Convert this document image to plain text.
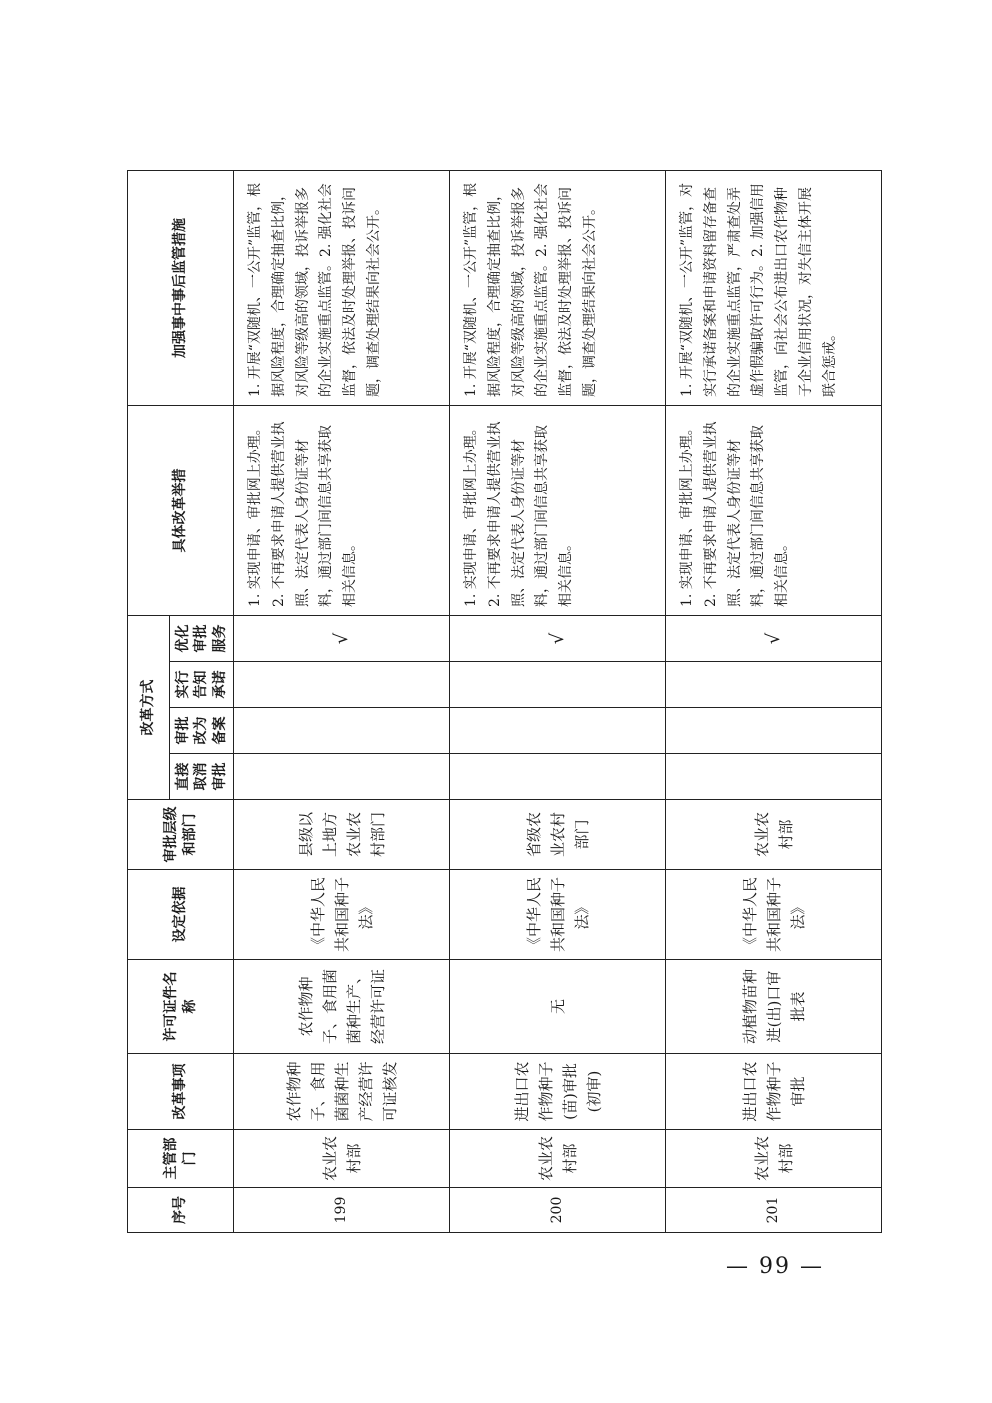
序号	主管部门	改革事项	许可证件名称	设定依据	审批层级和部门	改革方式				具体改革举措	加强事中事后监管措施
						直接取消审批	审批改为备案	实行告知承诺	优化审批服务		
199	农业农村部	农作物种子、食用菌菌种生产经营许可证核发	农作物种子、食用菌菌种生产、经营许可证	《中华人民共和国种子法》	县级以上地方农业农村部门				√	1. 实现申请、审批网上办理。2. 不再要求申请人提供营业执照、法定代表人身份证等材料，通过部门间信息共享获取相关信息。	1. 开展“双随机、一公开”监管，根据风险程度，合理确定抽查比例，对风险等级高的领域，投诉举报多的企业实施重点监管。2. 强化社会监督，依法及时处理举报、投诉问题，调查处理结果向社会公开。
200	农业农村部	进出口农作物种子(苗)审批(初审)	无	《中华人民共和国种子法》	省级农业农村部门				√	1. 实现申请、审批网上办理。2. 不再要求申请人提供营业执照、法定代表人身份证等材料，通过部门间信息共享获取相关信息。	1. 开展“双随机、一公开”监管，根据风险程度，合理确定抽查比例，对风险等级高的领域，投诉举报多的企业实施重点监管。2. 强化社会监督，依法及时处理举报、投诉问题，调查处理结果向社会公开。
201	农业农村部	进出口农作物种子审批	动植物苗种进(出)口审批表	《中华人民共和国种子法》	农业农村部				√	1. 实现申请、审批网上办理。2. 不再要求申请人提供营业执照、法定代表人身份证等材料，通过部门间信息共享获取相关信息。	1. 开展“双随机、一公开”监管，对实行承诺备案和申请资料留存备查的企业实施重点监管，严肃查处弄虚作假骗取许可行为。2. 加强信用监管，向社会公布进出口农作物种子企业信用状况，对失信主体开展联合惩戒。
— 99 —
